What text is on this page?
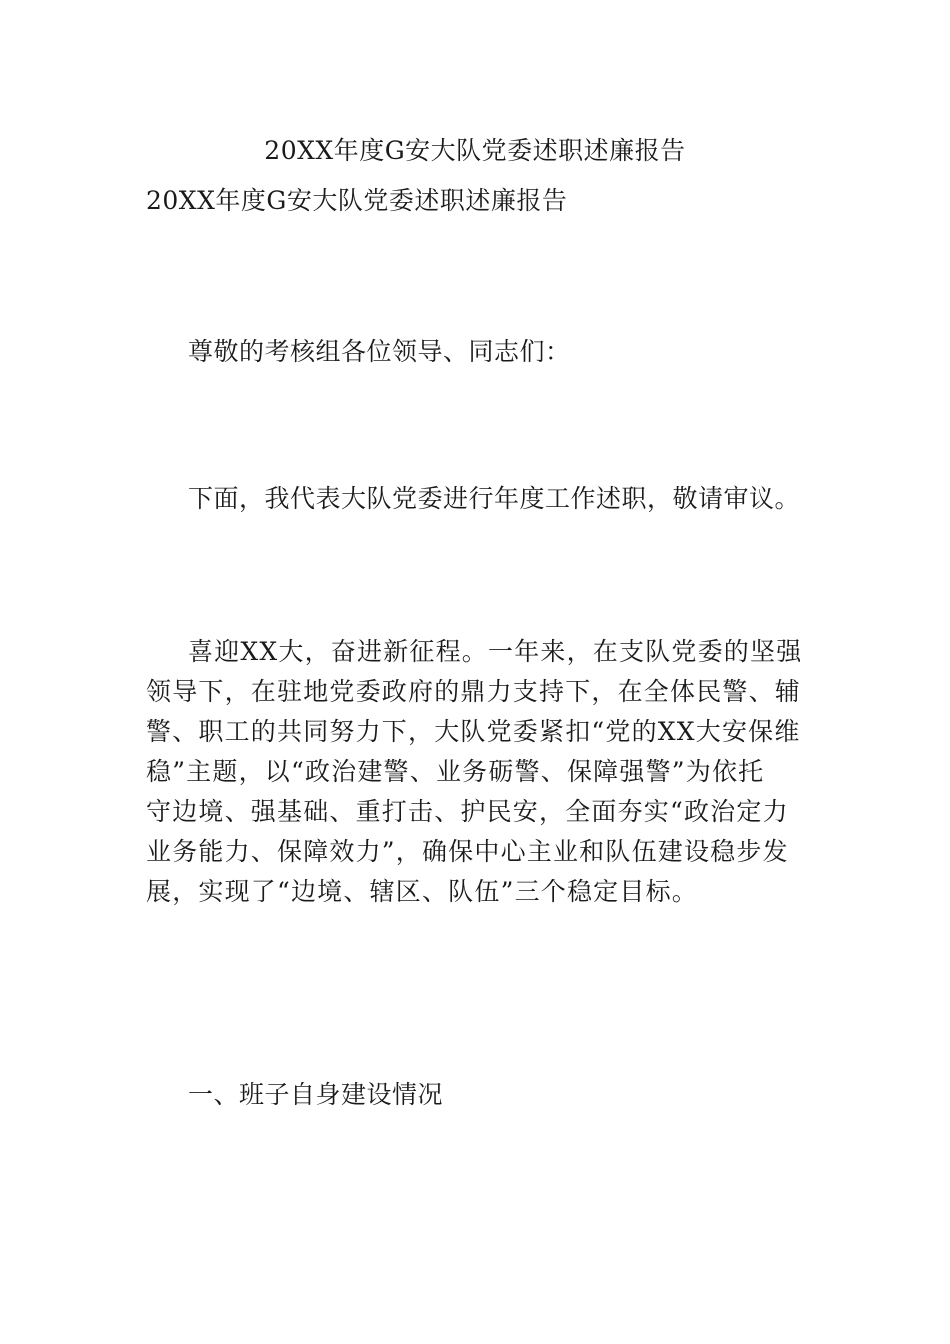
20XX年度G安大队党委述职述廉报告
20XX年度G安大队党委述职述廉报告
尊敬的考核组各位领导、同志们：
下面，我代表大队党委进行年度工作述职，敬请审议。
喜迎XX大，奋进新征程。一年来，在支队党委的坚强
领导下，在驻地党委政府的鼎力支持下，在全体民警、辅
警、职工的共同努力下，大队党委紧扣“党的XX大安保维
稳”主题，以“政治建警、业务砺警、保障强警”为依托
守边境、强基础、重打击、护民安，全面夯实“政治定力
业务能力、保障效力”，确保中心主业和队伍建设稳步发
展，实现了“边境、辖区、队伍”三个稳定目标。
一、班子自身建设情况
